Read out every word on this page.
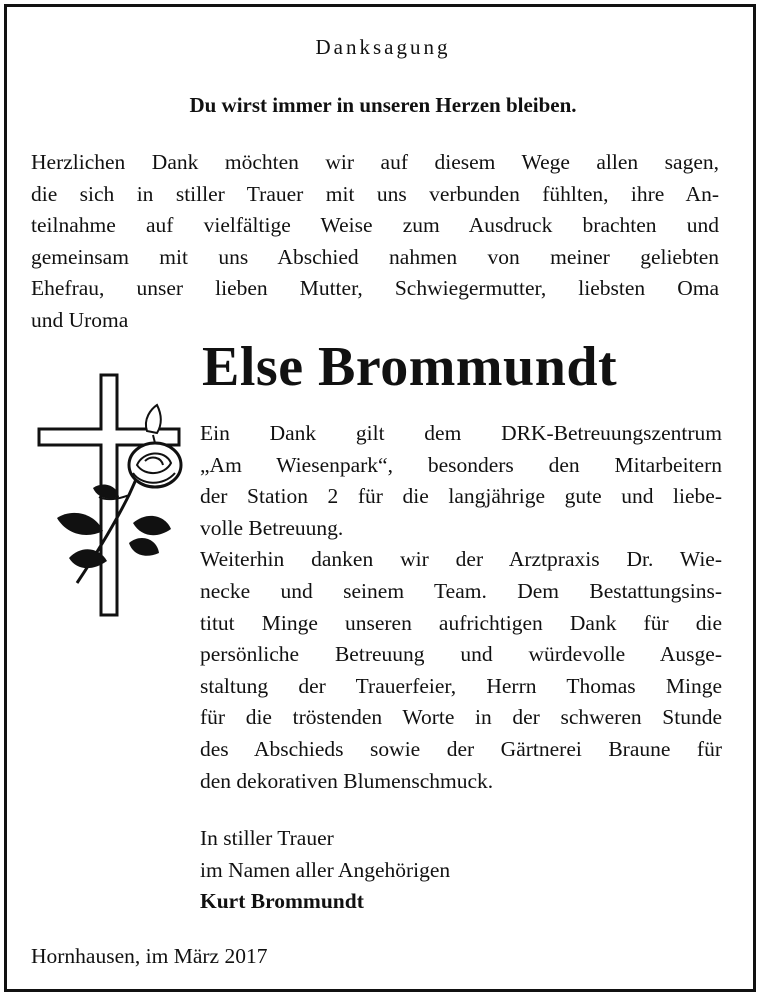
Danksagung
Du wirst immer in unseren Herzen bleiben.
Herzlichen Dank möchten wir auf diesem Wege allen sagen,
die sich in stiller Trauer mit uns verbunden fühlten, ihre An-
teilnahme auf vielfältige Weise zum Ausdruck brachten und
gemeinsam mit uns Abschied nahmen von meiner geliebten
Ehefrau, unser lieben Mutter, Schwiegermutter, liebsten Oma
und Uroma
Else Brommundt
Ein Dank gilt dem DRK-Betreuungszentrum
„Am Wiesenpark“, besonders den Mitarbeitern
der Station 2 für die langjährige gute und liebe-
volle Betreuung.
Weiterhin danken wir der Arztpraxis Dr. Wie-
necke und seinem Team. Dem Bestattungsins-
titut Minge unseren aufrichtigen Dank für die
persönliche Betreuung und würdevolle Ausge-
staltung der Trauerfeier, Herrn Thomas Minge
für die tröstenden Worte in der schweren Stunde
des Abschieds sowie der Gärtnerei Braune für
den dekorativen Blumenschmuck.
In stiller Trauer
im Namen aller Angehörigen
Kurt Brommundt
Hornhausen, im März 2017
